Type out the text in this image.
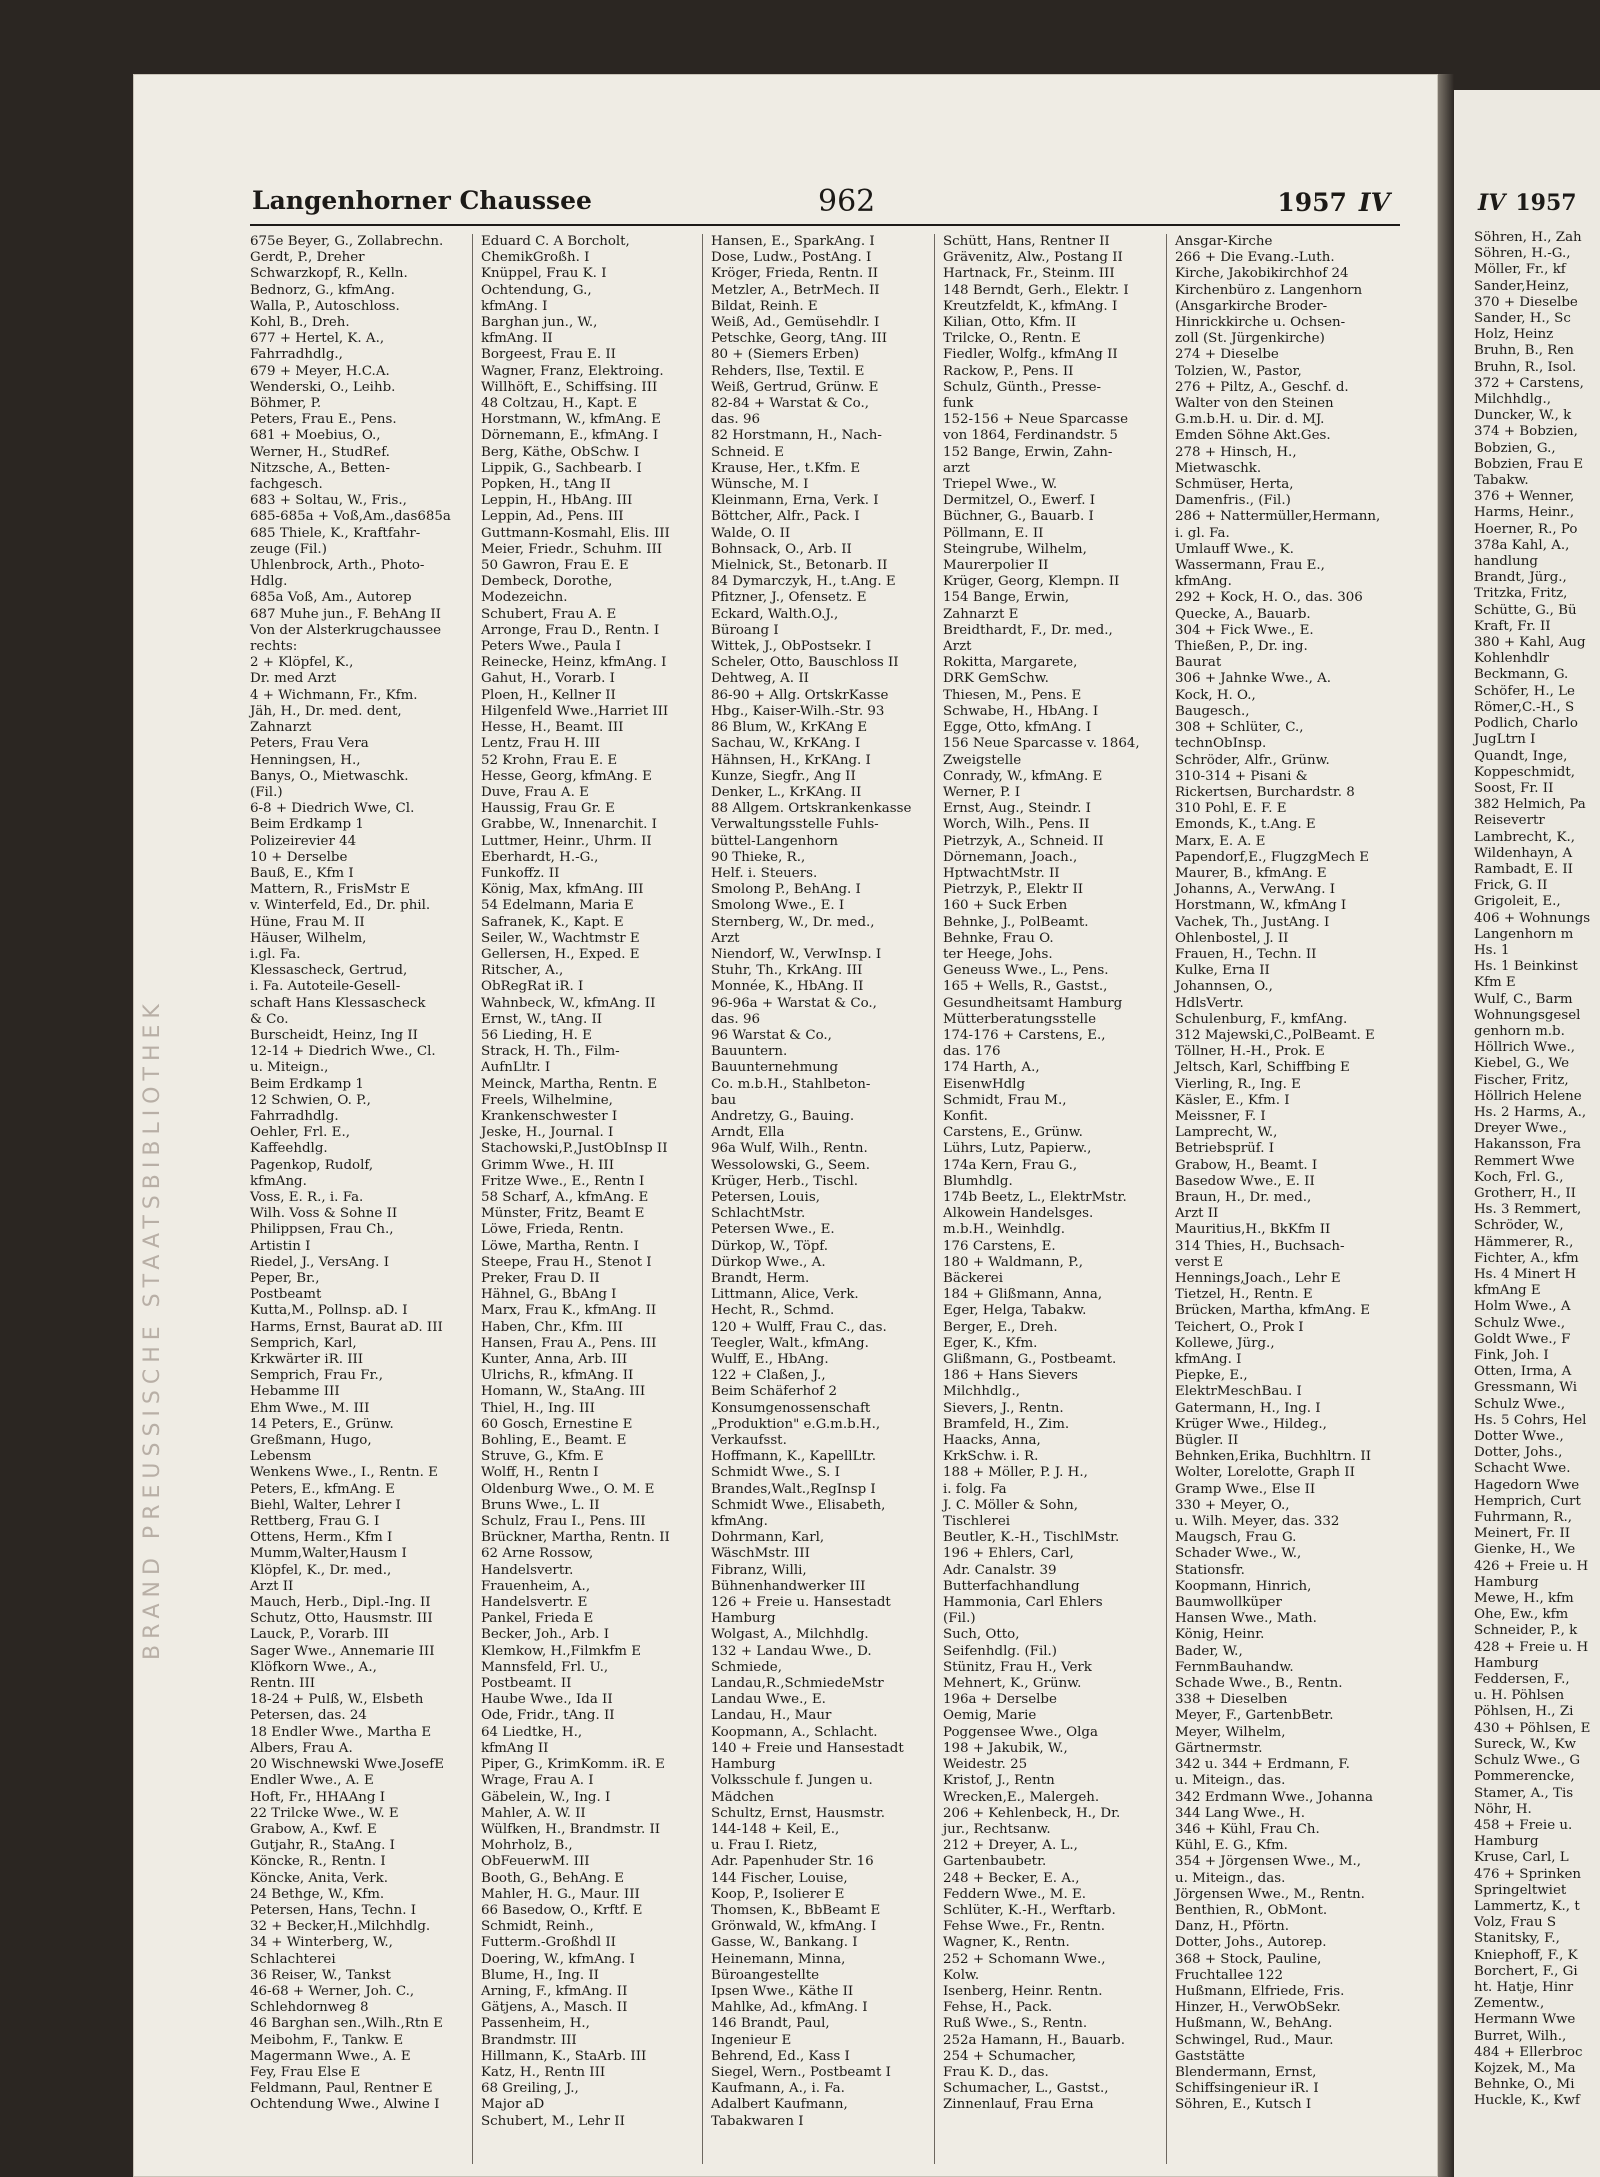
BRAND PREUSSISCHE STAATSBIBLIOTHEK
Langenhorner Chaussee	962	1957 IV
675e Beyer, G., Zollabrechn.
Gerdt, P., Dreher
Schwarzkopf, R., Kelln.
Bednorz, G., kfmAng.
Walla, P., Autoschloss.
Kohl, B., Dreh.
677 + Hertel, K. A.,
Fahrradhdlg.,
679 + Meyer, H.C.A.
Wenderski, O., Leihb.
Böhmer, P.
Peters, Frau E., Pens.
681 + Moebius, O.,
Werner, H., StudRef.
Nitzsche, A., Betten-
fachgesch.
683 + Soltau, W., Fris.,
685-685a + Voß,Am.,das685a
685 Thiele, K., Kraftfahr-
zeuge (Fil.)
Uhlenbrock, Arth., Photo-
Hdlg.
685a Voß, Am., Autorep
687 Muhe jun., F. BehAng II
Von der Alsterkrugchaussee
rechts:
2 + Klöpfel, K.,
Dr. med Arzt
4 + Wichmann, Fr., Kfm.
Jäh, H., Dr. med. dent,
Zahnarzt
Peters, Frau Vera
Henningsen, H.,
Banys, O., Mietwaschk.
(Fil.)
6-8 + Diedrich Wwe, Cl.
Beim Erdkamp 1
Polizeirevier 44
10 + Derselbe
Bauß, E., Kfm I
Mattern, R., FrisMstr E
v. Winterfeld, Ed., Dr. phil.
Hüne, Frau M. II
Häuser, Wilhelm,
i.gl. Fa.
Klessascheck, Gertrud,
i. Fa. Autoteile-Gesell-
schaft Hans Klessascheck
& Co.
Burscheidt, Heinz, Ing II
12-14 + Diedrich Wwe., Cl.
u. Miteign.,
Beim Erdkamp 1
12 Schwien, O. P.,
Fahrradhdlg.
Oehler, Frl. E.,
Kaffeehdlg.
Pagenkop, Rudolf,
kfmAng.
Voss, E. R., i. Fa.
Wilh. Voss & Sohne II
Philippsen, Frau Ch.,
Artistin I
Riedel, J., VersAng. I
Peper, Br.,
Postbeamt
Kutta,M., Pollnsp. aD. I
Harms, Ernst, Baurat aD. III
Semprich, Karl,
Krkwärter iR. III
Semprich, Frau Fr.,
Hebamme III
Ehm Wwe., M. III
14 Peters, E., Grünw.
Greßmann, Hugo,
Lebensm
Wenkens Wwe., I., Rentn. E
Peters, E., kfmAng. E
Biehl, Walter, Lehrer I
Rettberg, Frau G. I
Ottens, Herm., Kfm I
Mumm,Walter,Hausm I
Klöpfel, K., Dr. med.,
Arzt II
Mauch, Herb., Dipl.-Ing. II
Schutz, Otto, Hausmstr. III
Lauck, P., Vorarb. III
Sager Wwe., Annemarie III
Klöfkorn Wwe., A.,
Rentn. III
18-24 + Pulß, W., Elsbeth
Petersen, das. 24
18 Endler Wwe., Martha E
Albers, Frau A.
20 Wischnewski Wwe.JosefE
Endler Wwe., A. E
Hoft, Fr., HHAAng I
22 Trilcke Wwe., W. E
Grabow, A., Kwf. E
Gutjahr, R., StaAng. I
Köncke, R., Rentn. I
Köncke, Anita, Verk.
24 Bethge, W., Kfm.
Petersen, Hans, Techn. I
32 + Becker,H.,Milchhdlg.
34 + Winterberg, W.,
Schlachterei
36 Reiser, W., Tankst
46-68 + Werner, Joh. C.,
Schlehdornweg 8
46 Barghan sen.,Wilh.,Rtn E
Meibohm, F., Tankw. E
Magermann Wwe., A. E
Fey, Frau Else E
Feldmann, Paul, Rentner E
Ochtendung Wwe., Alwine I
Eduard C. A Borcholt,
ChemikGroßh. I
Knüppel, Frau K. I
Ochtendung, G.,
kfmAng. I
Barghan jun., W.,
kfmAng. II
Borgeest, Frau E. II
Wagner, Franz, Elektroing.
Willhöft, E., Schiffsing. III
48 Coltzau, H., Kapt. E
Horstmann, W., kfmAng. E
Dörnemann, E., kfmAng. I
Berg, Käthe, ObSchw. I
Lippik, G., Sachbearb. I
Popken, H., tAng II
Leppin, H., HbAng. III
Leppin, Ad., Pens. III
Guttmann-Kosmahl, Elis. III
Meier, Friedr., Schuhm. III
50 Gawron, Frau E. E
Dembeck, Dorothe,
Modezeichn.
Schubert, Frau A. E
Arronge, Frau D., Rentn. I
Peters Wwe., Paula I
Reinecke, Heinz, kfmAng. I
Gahut, H., Vorarb. I
Ploen, H., Kellner II
Hilgenfeld Wwe.,Harriet III
Hesse, H., Beamt. III
Lentz, Frau H. III
52 Krohn, Frau E. E
Hesse, Georg, kfmAng. E
Duve, Frau A. E
Haussig, Frau Gr. E
Grabbe, W., Innenarchit. I
Luttmer, Heinr., Uhrm. II
Eberhardt, H.-G.,
Funkoffz. II
König, Max, kfmAng. III
54 Edelmann, Maria E
Safranek, K., Kapt. E
Seiler, W., Wachtmstr E
Gellersen, H., Exped. E
Ritscher, A.,
ObRegRat iR. I
Wahnbeck, W., kfmAng. II
Ernst, W., tAng. II
56 Lieding, H. E
Strack, H. Th., Film-
AufnLltr. I
Meinck, Martha, Rentn. E
Freels, Wilhelmine,
Krankenschwester I
Jeske, H., Journal. I
Stachowski,P.,JustObInsp II
Grimm Wwe., H. III
Fritze Wwe., E., Rentn I
58 Scharf, A., kfmAng. E
Münster, Fritz, Beamt E
Löwe, Frieda, Rentn.
Löwe, Martha, Rentn. I
Steepe, Frau H., Stenot I
Preker, Frau D. II
Hähnel, G., BbAng I
Marx, Frau K., kfmAng. II
Haben, Chr., Kfm. III
Hansen, Frau A., Pens. III
Kunter, Anna, Arb. III
Ulrichs, R., kfmAng. II
Homann, W., StaAng. III
Thiel, H., Ing. III
60 Gosch, Ernestine E
Bohling, E., Beamt. E
Struve, G., Kfm. E
Wolff, H., Rentn I
Oldenburg Wwe., O. M. E
Bruns Wwe., L. II
Schulz, Frau I., Pens. III
Brückner, Martha, Rentn. II
62 Arne Rossow,
Handelsvertr.
Frauenheim, A.,
Handelsvertr. E
Pankel, Frieda E
Becker, Joh., Arb. I
Klemkow, H.,Filmkfm E
Mannsfeld, Frl. U.,
Postbeamt. II
Haube Wwe., Ida II
Ode, Fridr., tAng. II
64 Liedtke, H.,
kfmAng II
Piper, G., KrimKomm. iR. E
Wrage, Frau A. I
Gäbelein, W., Ing. I
Mahler, A. W. II
Wülfken, H., Brandmstr. II
Mohrholz, B.,
ObFeuerwM. III
Booth, G., BehAng. E
Mahler, H. G., Maur. III
66 Basedow, O., Krftf. E
Schmidt, Reinh.,
Futterm.-Großhdl II
Doering, W., kfmAng. I
Blume, H., Ing. II
Arning, F., kfmAng. II
Gätjens, A., Masch. II
Passenheim, H.,
Brandmstr. III
Hillmann, K., StaArb. III
Katz, H., Rentn III
68 Greiling, J.,
Major aD
Schubert, M., Lehr II
Hansen, E., SparkAng. I
Dose, Ludw., PostAng. I
Kröger, Frieda, Rentn. II
Metzler, A., BetrMech. II
Bildat, Reinh. E
Weiß, Ad., Gemüsehdlr. I
Petschke, Georg, tAng. III
80 + (Siemers Erben)
Rehders, Ilse, Textil. E
Weiß, Gertrud, Grünw. E
82-84 + Warstat & Co.,
das. 96
82 Horstmann, H., Nach-
Schneid. E
Krause, Her., t.Kfm. E
Wünsche, M. I
Kleinmann, Erna, Verk. I
Böttcher, Alfr., Pack. I
Walde, O. II
Bohnsack, O., Arb. II
Mielnick, St., Betonarb. II
84 Dymarczyk, H., t.Ang. E
Pfitzner, J., Ofensetz. E
Eckard, Walth.O.J.,
Büroang I
Wittek, J., ObPostsekr. I
Scheler, Otto, Bauschloss II
Dehtweg, A. II
86-90 + Allg. OrtskrKasse
Hbg., Kaiser-Wilh.-Str. 93
86 Blum, W., KrKAng E
Sachau, W., KrKAng. I
Hähnsen, H., KrKAng. I
Kunze, Siegfr., Ang II
Denker, L., KrKAng. II
88 Allgem. Ortskrankenkasse
Verwaltungsstelle Fuhls-
büttel-Langenhorn
90 Thieke, R.,
Helf. i. Steuers.
Smolong P., BehAng. I
Smolong Wwe., E. I
Sternberg, W., Dr. med.,
Arzt
Niendorf, W., VerwInsp. I
Stuhr, Th., KrkAng. III
Monnée, K., HbAng. II
96-96a + Warstat & Co.,
das. 96
96 Warstat & Co.,
Bauuntern.
Bauunternehmung
Co. m.b.H., Stahlbeton-
bau
Andretzy, G., Bauing.
Arndt, Ella
96a Wulf, Wilh., Rentn.
Wessolowski, G., Seem.
Krüger, Herb., Tischl.
Petersen, Louis,
SchlachtMstr.
Petersen Wwe., E.
Dürkop, W., Töpf.
Dürkop Wwe., A.
Brandt, Herm.
Littmann, Alice, Verk.
Hecht, R., Schmd.
120 + Wulff, Frau C., das.
Teegler, Walt., kfmAng.
Wulff, E., HbAng.
122 + Claßen, J.,
Beim Schäferhof 2
Konsumgenossenschaft
„Produktion" e.G.m.b.H.,
Verkaufsst.
Hoffmann, K., KapellLtr.
Schmidt Wwe., S. I
Brandes,Walt.,RegInsp I
Schmidt Wwe., Elisabeth,
kfmAng.
Dohrmann, Karl,
WäschMstr. III
Fibranz, Willi,
Bühnenhandwerker III
126 + Freie u. Hansestadt
Hamburg
Wolgast, A., Milchhdlg.
132 + Landau Wwe., D.
Schmiede,
Landau,R.,SchmiedeMstr
Landau Wwe., E.
Landau, H., Maur
Koopmann, A., Schlacht.
140 + Freie und Hansestadt
Hamburg
Volksschule f. Jungen u.
Mädchen
Schultz, Ernst, Hausmstr.
144-148 + Keil, E.,
u. Frau I. Rietz,
Adr. Papenhuder Str. 16
144 Fischer, Louise,
Koop, P., Isolierer E
Thomsen, K., BbBeamt E
Grönwald, W., kfmAng. I
Gasse, W., Bankang. I
Heinemann, Minna,
Büroangestellte
Ipsen Wwe., Käthe II
Mahlke, Ad., kfmAng. I
146 Brandt, Paul,
Ingenieur E
Behrend, Ed., Kass I
Siegel, Wern., Postbeamt I
Kaufmann, A., i. Fa.
Adalbert Kaufmann,
Tabakwaren I
Schütt, Hans, Rentner II
Grävenitz, Alw., Postang II
Hartnack, Fr., Steinm. III
148 Berndt, Gerh., Elektr. I
Kreutzfeldt, K., kfmAng. I
Kilian, Otto, Kfm. II
Trilcke, O., Rentn. E
Fiedler, Wolfg., kfmAng II
Rackow, P., Pens. II
Schulz, Günth., Presse-
funk
152-156 + Neue Sparcasse
von 1864, Ferdinandstr. 5
152 Bange, Erwin, Zahn-
arzt
Triepel Wwe., W.
Dermitzel, O., Ewerf. I
Büchner, G., Bauarb. I
Pöllmann, E. II
Steingrube, Wilhelm,
Maurerpolier II
Krüger, Georg, Klempn. II
154 Bange, Erwin,
Zahnarzt E
Breidthardt, F., Dr. med.,
Arzt
Rokitta, Margarete,
DRK GemSchw.
Thiesen, M., Pens. E
Schwabe, H., HbAng. I
Egge, Otto, kfmAng. I
156 Neue Sparcasse v. 1864,
Zweigstelle
Conrady, W., kfmAng. E
Werner, P. I
Ernst, Aug., Steindr. I
Worch, Wilh., Pens. II
Pietrzyk, A., Schneid. II
Dörnemann, Joach.,
HptwachtMstr. II
Pietrzyk, P., Elektr II
160 + Suck Erben
Behnke, J., PolBeamt.
Behnke, Frau O.
ter Heege, Johs.
Geneuss Wwe., L., Pens.
165 + Wells, R., Gastst.,
Gesundheitsamt Hamburg
Mütterberatungsstelle
174-176 + Carstens, E.,
das. 176
174 Harth, A.,
EisenwHdlg
Schmidt, Frau M.,
Konfit.
Carstens, E., Grünw.
Lührs, Lutz, Papierw.,
174a Kern, Frau G.,
Blumhdlg.
174b Beetz, L., ElektrMstr.
Alkowein Handelsges.
m.b.H., Weinhdlg.
176 Carstens, E.
180 + Waldmann, P.,
Bäckerei
184 + Glißmann, Anna,
Eger, Helga, Tabakw.
Berger, E., Dreh.
Eger, K., Kfm.
Glißmann, G., Postbeamt.
186 + Hans Sievers
Milchhdlg.,
Sievers, J., Rentn.
Bramfeld, H., Zim.
Haacks, Anna,
KrkSchw. i. R.
188 + Möller, P. J. H.,
i. folg. Fa
J. C. Möller & Sohn,
Tischlerei
Beutler, K.-H., TischlMstr.
196 + Ehlers, Carl,
Adr. Canalstr. 39
Butterfachhandlung
Hammonia, Carl Ehlers
(Fil.)
Such, Otto,
Seifenhdlg. (Fil.)
Stünitz, Frau H., Verk
Mehnert, K., Grünw.
196a + Derselbe
Oemig, Marie
Poggensee Wwe., Olga
198 + Jakubik, W.,
Weidestr. 25
Kristof, J., Rentn
Wrecken,E., Malergeh.
206 + Kehlenbeck, H., Dr.
jur., Rechtsanw.
212 + Dreyer, A. L.,
Gartenbaubetr.
248 + Becker, E. A.,
Feddern Wwe., M. E.
Schlüter, K.-H., Werftarb.
Fehse Wwe., Fr., Rentn.
Wagner, K., Rentn.
252 + Schomann Wwe.,
Kolw.
Isenberg, Heinr. Rentn.
Fehse, H., Pack.
Ruß Wwe., S., Rentn.
252a Hamann, H., Bauarb.
254 + Schumacher,
Frau K. D., das.
Schumacher, L., Gastst.,
Zinnenlauf, Frau Erna
Ansgar-Kirche
266 + Die Evang.-Luth.
Kirche, Jakobikirchhof 24
Kirchenbüro z. Langenhorn
(Ansgarkirche Broder-
Hinrickkirche u. Ochsen-
zoll (St. Jürgenkirche)
274 + Dieselbe
Tolzien, W., Pastor,
276 + Piltz, A., Geschf. d.
Walter von den Steinen
G.m.b.H. u. Dir. d. MJ.
Emden Söhne Akt.Ges.
278 + Hinsch, H.,
Mietwaschk.
Schmüser, Herta,
Damenfris., (Fil.)
286 + Nattermüller,Hermann,
i. gl. Fa.
Umlauff Wwe., K.
Wassermann, Frau E.,
kfmAng.
292 + Kock, H. O., das. 306
Quecke, A., Bauarb.
304 + Fick Wwe., E.
Thießen, P., Dr. ing.
Baurat
306 + Jahnke Wwe., A.
Kock, H. O.,
Baugesch.,
308 + Schlüter, C.,
technObInsp.
Schröder, Alfr., Grünw.
310-314 + Pisani &
Rickertsen, Burchardstr. 8
310 Pohl, E. F. E
Emonds, K., t.Ang. E
Marx, E. A. E
Papendorf,E., FlugzgMech E
Maurer, B., kfmAng. E
Johanns, A., VerwAng. I
Horstmann, W., kfmAng I
Vachek, Th., JustAng. I
Ohlenbostel, J. II
Frauen, H., Techn. II
Kulke, Erna II
Johannsen, O.,
HdlsVertr.
Schulenburg, F., kmfAng.
312 Majewski,C.,PolBeamt. E
Töllner, H.-H., Prok. E
Jeltsch, Karl, Schiffbing E
Vierling, R., Ing. E
Käsler, E., Kfm. I
Meissner, F. I
Lamprecht, W.,
Betriebsprüf. I
Grabow, H., Beamt. I
Basedow Wwe., E. II
Braun, H., Dr. med.,
Arzt II
Mauritius,H., BkKfm II
314 Thies, H., Buchsach-
verst E
Hennings,Joach., Lehr E
Tietzel, H., Rentn. E
Brücken, Martha, kfmAng. E
Teichert, O., Prok I
Kollewe, Jürg.,
kfmAng. I
Piepke, E.,
ElektrMeschBau. I
Gatermann, H., Ing. I
Krüger Wwe., Hildeg.,
Bügler. II
Behnken,Erika, Buchhltrn. II
Wolter, Lorelotte, Graph II
Gramp Wwe., Else II
330 + Meyer, O.,
u. Wilh. Meyer, das. 332
Maugsch, Frau G.
Schader Wwe., W.,
Stationsfr.
Koopmann, Hinrich,
Baumwollküper
Hansen Wwe., Math.
König, Heinr.
Bader, W.,
FernmBauhandw.
Schade Wwe., B., Rentn.
338 + Dieselben
Meyer, F., GartenbBetr.
Meyer, Wilhelm,
Gärtnermstr.
342 u. 344 + Erdmann, F.
u. Miteign., das.
342 Erdmann Wwe., Johanna
344 Lang Wwe., H.
346 + Kühl, Frau Ch.
Kühl, E. G., Kfm.
354 + Jörgensen Wwe., M.,
u. Miteign., das.
Jörgensen Wwe., M., Rentn.
Benthien, R., ObMont.
Danz, H., Pförtn.
Dotter, Johs., Autorep.
368 + Stock, Pauline,
Fruchtallee 122
Hußmann, Elfriede, Fris.
Hinzer, H., VerwObSekr.
Hußmann, W., BehAng.
Schwingel, Rud., Maur.
Gaststätte
Blendermann, Ernst,
Schiffsingenieur iR. I
Söhren, E., Kutsch I
IV 1957
Söhren, H., Zah
Söhren, H.-G.,
Möller, Fr., kf
Sander,Heinz,
370 + Dieselbe
Sander, H., Sc
Holz, Heinz
Bruhn, B., Ren
Bruhn, R., Isol.
372 + Carstens,
Milchhdlg.,
Duncker, W., k
374 + Bobzien,
Bobzien, G.,
Bobzien, Frau E
Tabakw.
376 + Wenner,
Harms, Heinr.,
Hoerner, R., Po
378a Kahl, A.,
handlung
Brandt, Jürg.,
Tritzka, Fritz,
Schütte, G., Bü
Kraft, Fr. II
380 + Kahl, Aug
Kohlenhdlr
Beckmann, G.
Schöfer, H., Le
Römer,C.-H., S
Podlich, Charlo
JugLtrn I
Quandt, Inge,
Koppeschmidt,
Soost, Fr. II
382 Helmich, Pa
Reisevertr
Lambrecht, K.,
Wildenhayn, A
Rambadt, E. II
Frick, G. II
Grigoleit, E.,
406 + Wohnungs
Langenhorn m
Hs. 1
Hs. 1 Beinkinst
Kfm E
Wulf, C., Barm
Wohnungsgesel
genhorn m.b.
Höllrich Wwe.,
Kiebel, G., We
Fischer, Fritz,
Höllrich Helene
Hs. 2 Harms, A.,
Dreyer Wwe.,
Hakansson, Fra
Remmert Wwe
Koch, Frl. G.,
Grotherr, H., II
Hs. 3 Remmert,
Schröder, W.,
Hämmerer, R.,
Fichter, A., kfm
Hs. 4 Minert H
kfmAng E
Holm Wwe., A
Schulz Wwe.,
Goldt Wwe., F
Fink, Joh. I
Otten, Irma, A
Gressmann, Wi
Schulz Wwe.,
Hs. 5 Cohrs, Hel
Dotter Wwe.,
Dotter, Johs.,
Schacht Wwe.
Hagedorn Wwe
Hemprich, Curt
Fuhrmann, R.,
Meinert, Fr. II
Gienke, H., We
426 + Freie u. H
Hamburg
Mewe, H., kfm
Ohe, Ew., kfm
Schneider, P., k
428 + Freie u. H
Hamburg
Feddersen, F.,
u. H. Pöhlsen
Pöhlsen, H., Zi
430 + Pöhlsen, E
Sureck, W., Kw
Schulz Wwe., G
Pommerencke,
Stamer, A., Tis
Nöhr, H.
458 + Freie u.
Hamburg
Kruse, Carl, L
476 + Sprinken
Springeltwiet
Lammertz, K., t
Volz, Frau S
Stanitsky, F.,
Kniephoff, F., K
Borchert, F., Gi
ht. Hatje, Hinr
Zementw.,
Hermann Wwe
Burret, Wilh.,
484 + Ellerbroc
Kojzek, M., Ma
Behnke, O., Mi
Huckle, K., Kwf
